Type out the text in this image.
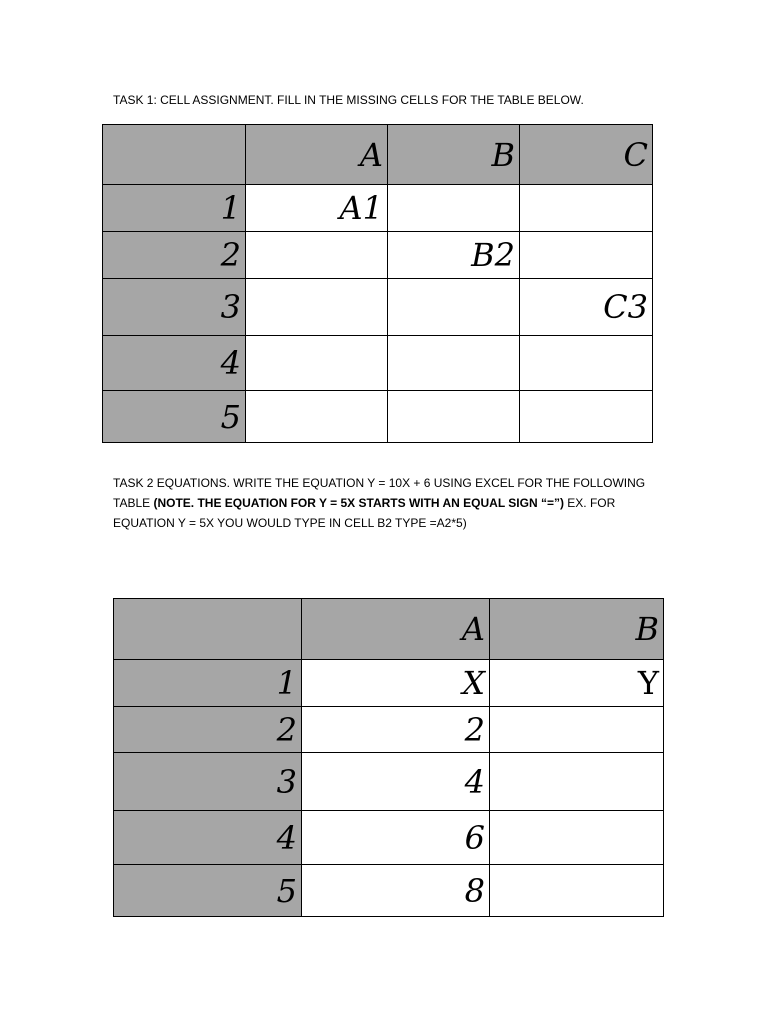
TASK 1: CELL ASSIGNMENT. FILL IN THE MISSING CELLS FOR THE TABLE BELOW.
	A	B	C
1	A1		
2		B2	
3			C3
4			
5			
TASK 2 EQUATIONS. WRITE THE EQUATION Y = 10X + 6 USING EXCEL FOR THE FOLLOWING TABLE (NOTE. THE EQUATION FOR Y = 5X STARTS WITH AN EQUAL SIGN “=”) EX. FOR EQUATION Y = 5X YOU WOULD TYPE IN CELL B2 TYPE =A2*5)
	A	B
1	X	Y
2	2	
3	4	
4	6	
5	8	
